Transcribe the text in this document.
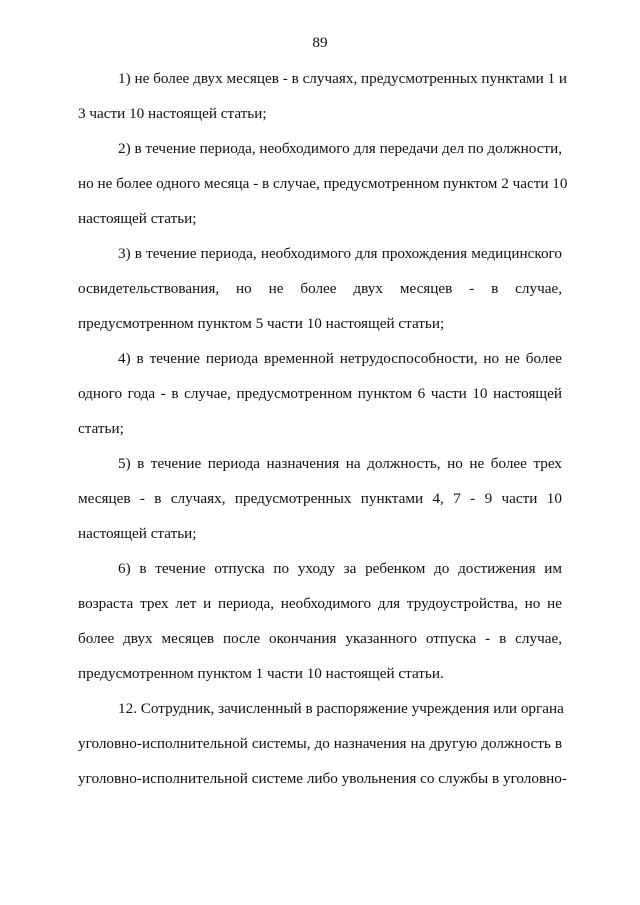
89
1) не более двух месяцев - в случаях, предусмотренных пунктами 1 и
3 части 10 настоящей статьи;
2) в течение периода, необходимого для передачи дел по должности,
но не более одного месяца - в случае, предусмотренном пунктом 2 части 10
настоящей статьи;
3) в течение периода, необходимого для прохождения медицинского
освидетельствования, но не более двух месяцев - в случае,
предусмотренном пунктом 5 части 10 настоящей статьи;
4) в течение периода временной нетрудоспособности, но не более
одного года - в случае, предусмотренном пунктом 6 части 10 настоящей
статьи;
5) в течение периода назначения на должность, но не более трех
месяцев - в случаях, предусмотренных пунктами 4, 7 - 9 части 10
настоящей статьи;
6) в течение отпуска по уходу за ребенком до достижения им
возраста трех лет и периода, необходимого для трудоустройства, но не
более двух месяцев после окончания указанного отпуска - в случае,
предусмотренном пунктом 1 части 10 настоящей статьи.
12. Сотрудник, зачисленный в распоряжение учреждения или органа
уголовно-исполнительной системы, до назначения на другую должность в
уголовно-исполнительной системе либо увольнения со службы в уголовно-
